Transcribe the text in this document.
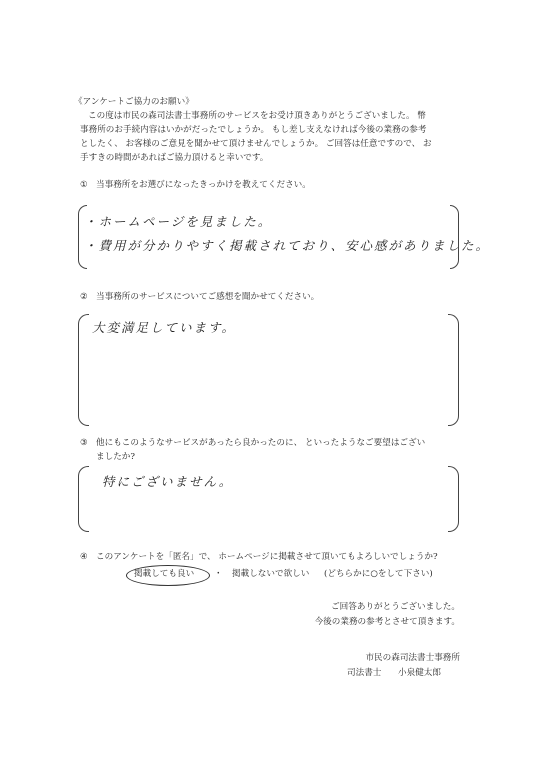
《アンケートご協力のお願い》
この度は市民の森司法書士事務所のサービスをお受け頂きありがとうございました。 幣
事務所のお手続内容はいかがだったでしょうか。 もし差し支えなければ今後の業務の参考
としたく、 お客様のご意見を聞かせて頂けませんでしょうか。 ご回答は任意ですので、 お
手すきの時間があればご協力頂けると幸いです。
① 当事務所をお選びになったきっかけを教えてください。
・ホームページを見ました。
・費用が分かりやすく掲載されており、安心感がありました。
② 当事務所のサービスについてご感想を聞かせてください。
大変満足しています。
③ 他にもこのようなサービスがあったら良かったのに、 といったようなご要望はござい
ましたか?
特にございません。
④ このアンケートを「匿名」で、 ホームページに掲載させて頂いてもよろしいでしょうか?
掲載しても良い ・ 掲載しないで欲しい (どちらかに○をして下さい)
ご回答ありがとうございました。
今後の業務の参考とさせて頂きます。
市民の森司法書士事務所
司法書士 小泉健太郎
